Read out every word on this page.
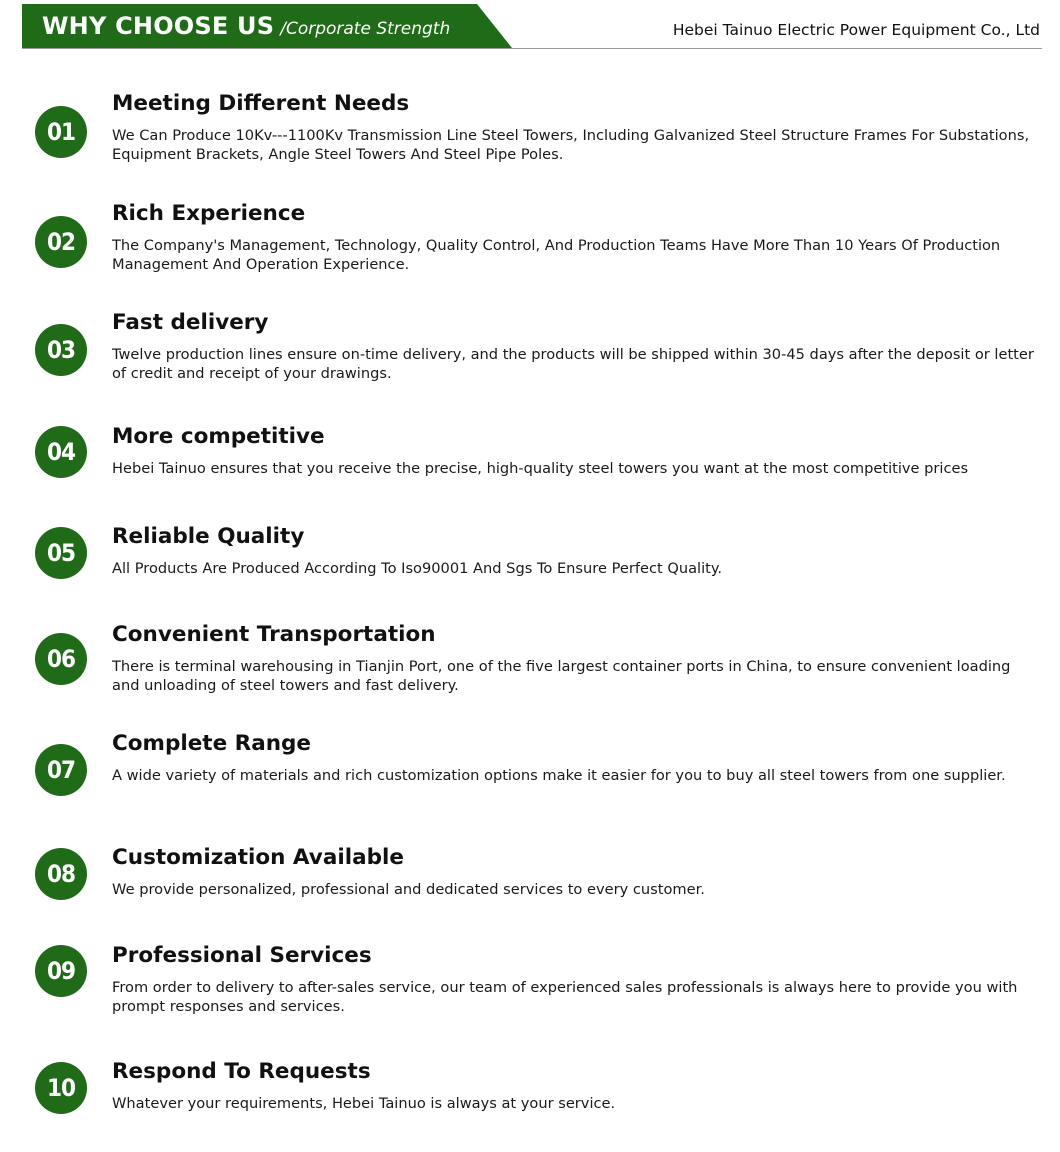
WHY CHOOSE US /Corporate Strength	Hebei Tainuo Electric Power Equipment Co., Ltd
01
Meeting Different Needs
We Can Produce 10Kv---1100Kv Transmission Line Steel Towers, Including Galvanized Steel Structure Frames For Substations, Equipment Brackets, Angle Steel Towers And Steel Pipe Poles.
02
Rich Experience
The Company's Management, Technology, Quality Control, And Production Teams Have More Than 10 Years Of Production Management And Operation Experience.
03
Fast delivery
Twelve production lines ensure on-time delivery, and the products will be shipped within 30-45 days after the deposit or letter of credit and receipt of your drawings.
04
More competitive
Hebei Tainuo ensures that you receive the precise, high-quality steel towers you want at the most competitive prices
05
Reliable Quality
All Products Are Produced According To Iso90001 And Sgs To Ensure Perfect Quality.
06
Convenient Transportation
There is terminal warehousing in Tianjin Port, one of the five largest container ports in China, to ensure convenient loading and unloading of steel towers and fast delivery.
07
Complete Range
A wide variety of materials and rich customization options make it easier for you to buy all steel towers from one supplier.
08
Customization Available
We provide personalized, professional and dedicated services to every customer.
09
Professional Services
From order to delivery to after-sales service, our team of experienced sales professionals is always here to provide you with prompt responses and services.
10
Respond To Requests
Whatever your requirements, Hebei Tainuo is always at your service.
